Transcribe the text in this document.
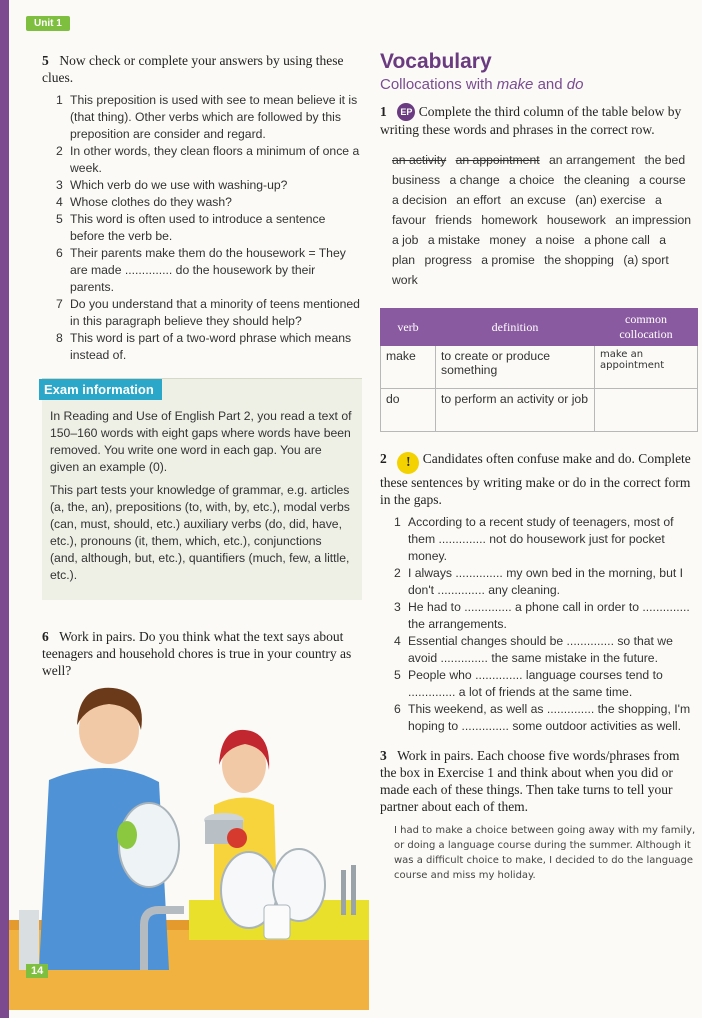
Unit 1
5 Now check or complete your answers by using these clues.
1 This preposition is used with see to mean believe it is (that thing). Other verbs which are followed by this preposition are consider and regard.
2 In other words, they clean floors a minimum of once a week.
3 Which verb do we use with washing-up?
4 Whose clothes do they wash?
5 This word is often used to introduce a sentence before the verb be.
6 Their parents make them do the housework = They are made .............. do the housework by their parents.
7 Do you understand that a minority of teens mentioned in this paragraph believe they should help?
8 This word is part of a two-word phrase which means instead of.
Exam information

In Reading and Use of English Part 2, you read a text of 150–160 words with eight gaps where words have been removed. You write one word in each gap. You are given an example (0).

This part tests your knowledge of grammar, e.g. articles (a, the, an), prepositions (to, with, by, etc.), modal verbs (can, must, should, etc.) auxiliary verbs (do, did, have, etc.), pronouns (it, them, which, etc.), conjunctions (and, although, but, etc.), quantifiers (much, few, a little, etc.).

6 Work in pairs. Do you think what the text says about teenagers and household chores is true in your country as well?
14
Vocabulary
Collocations with make and do
1 EP Complete the third column of the table below by writing these words and phrases in the correct row.
an activity an appointment an arrangement the bed business a change a choice the cleaning a course a decision an effort an excuse (an) exercise a favour friends homework housework an impression a job a mistake money a noise a phone call a plan progress a promise the shopping (a) sport work
verb	definition	common collocation
make	to create or produce something	make an appointment
do	to perform an activity or job	
2 ! Candidates often confuse make and do. Complete these sentences by writing make or do in the correct form in the gaps.
1 According to a recent study of teenagers, most of them .............. not do housework just for pocket money.
2 I always .............. my own bed in the morning, but I don't .............. any cleaning.
3 He had to .............. a phone call in order to .............. the arrangements.
4 Essential changes should be .............. so that we avoid .............. the same mistake in the future.
5 People who .............. language courses tend to .............. a lot of friends at the same time.
6 This weekend, as well as .............. the shopping, I'm hoping to .............. some outdoor activities as well.
3 Work in pairs. Each choose five words/phrases from the box in Exercise 1 and think about when you did or made each of these things. Then take turns to tell your partner about each of them.
I had to make a choice between going away with my family, or doing a language course during the summer. Although it was a difficult choice to make, I decided to do the language course and miss my holiday.
